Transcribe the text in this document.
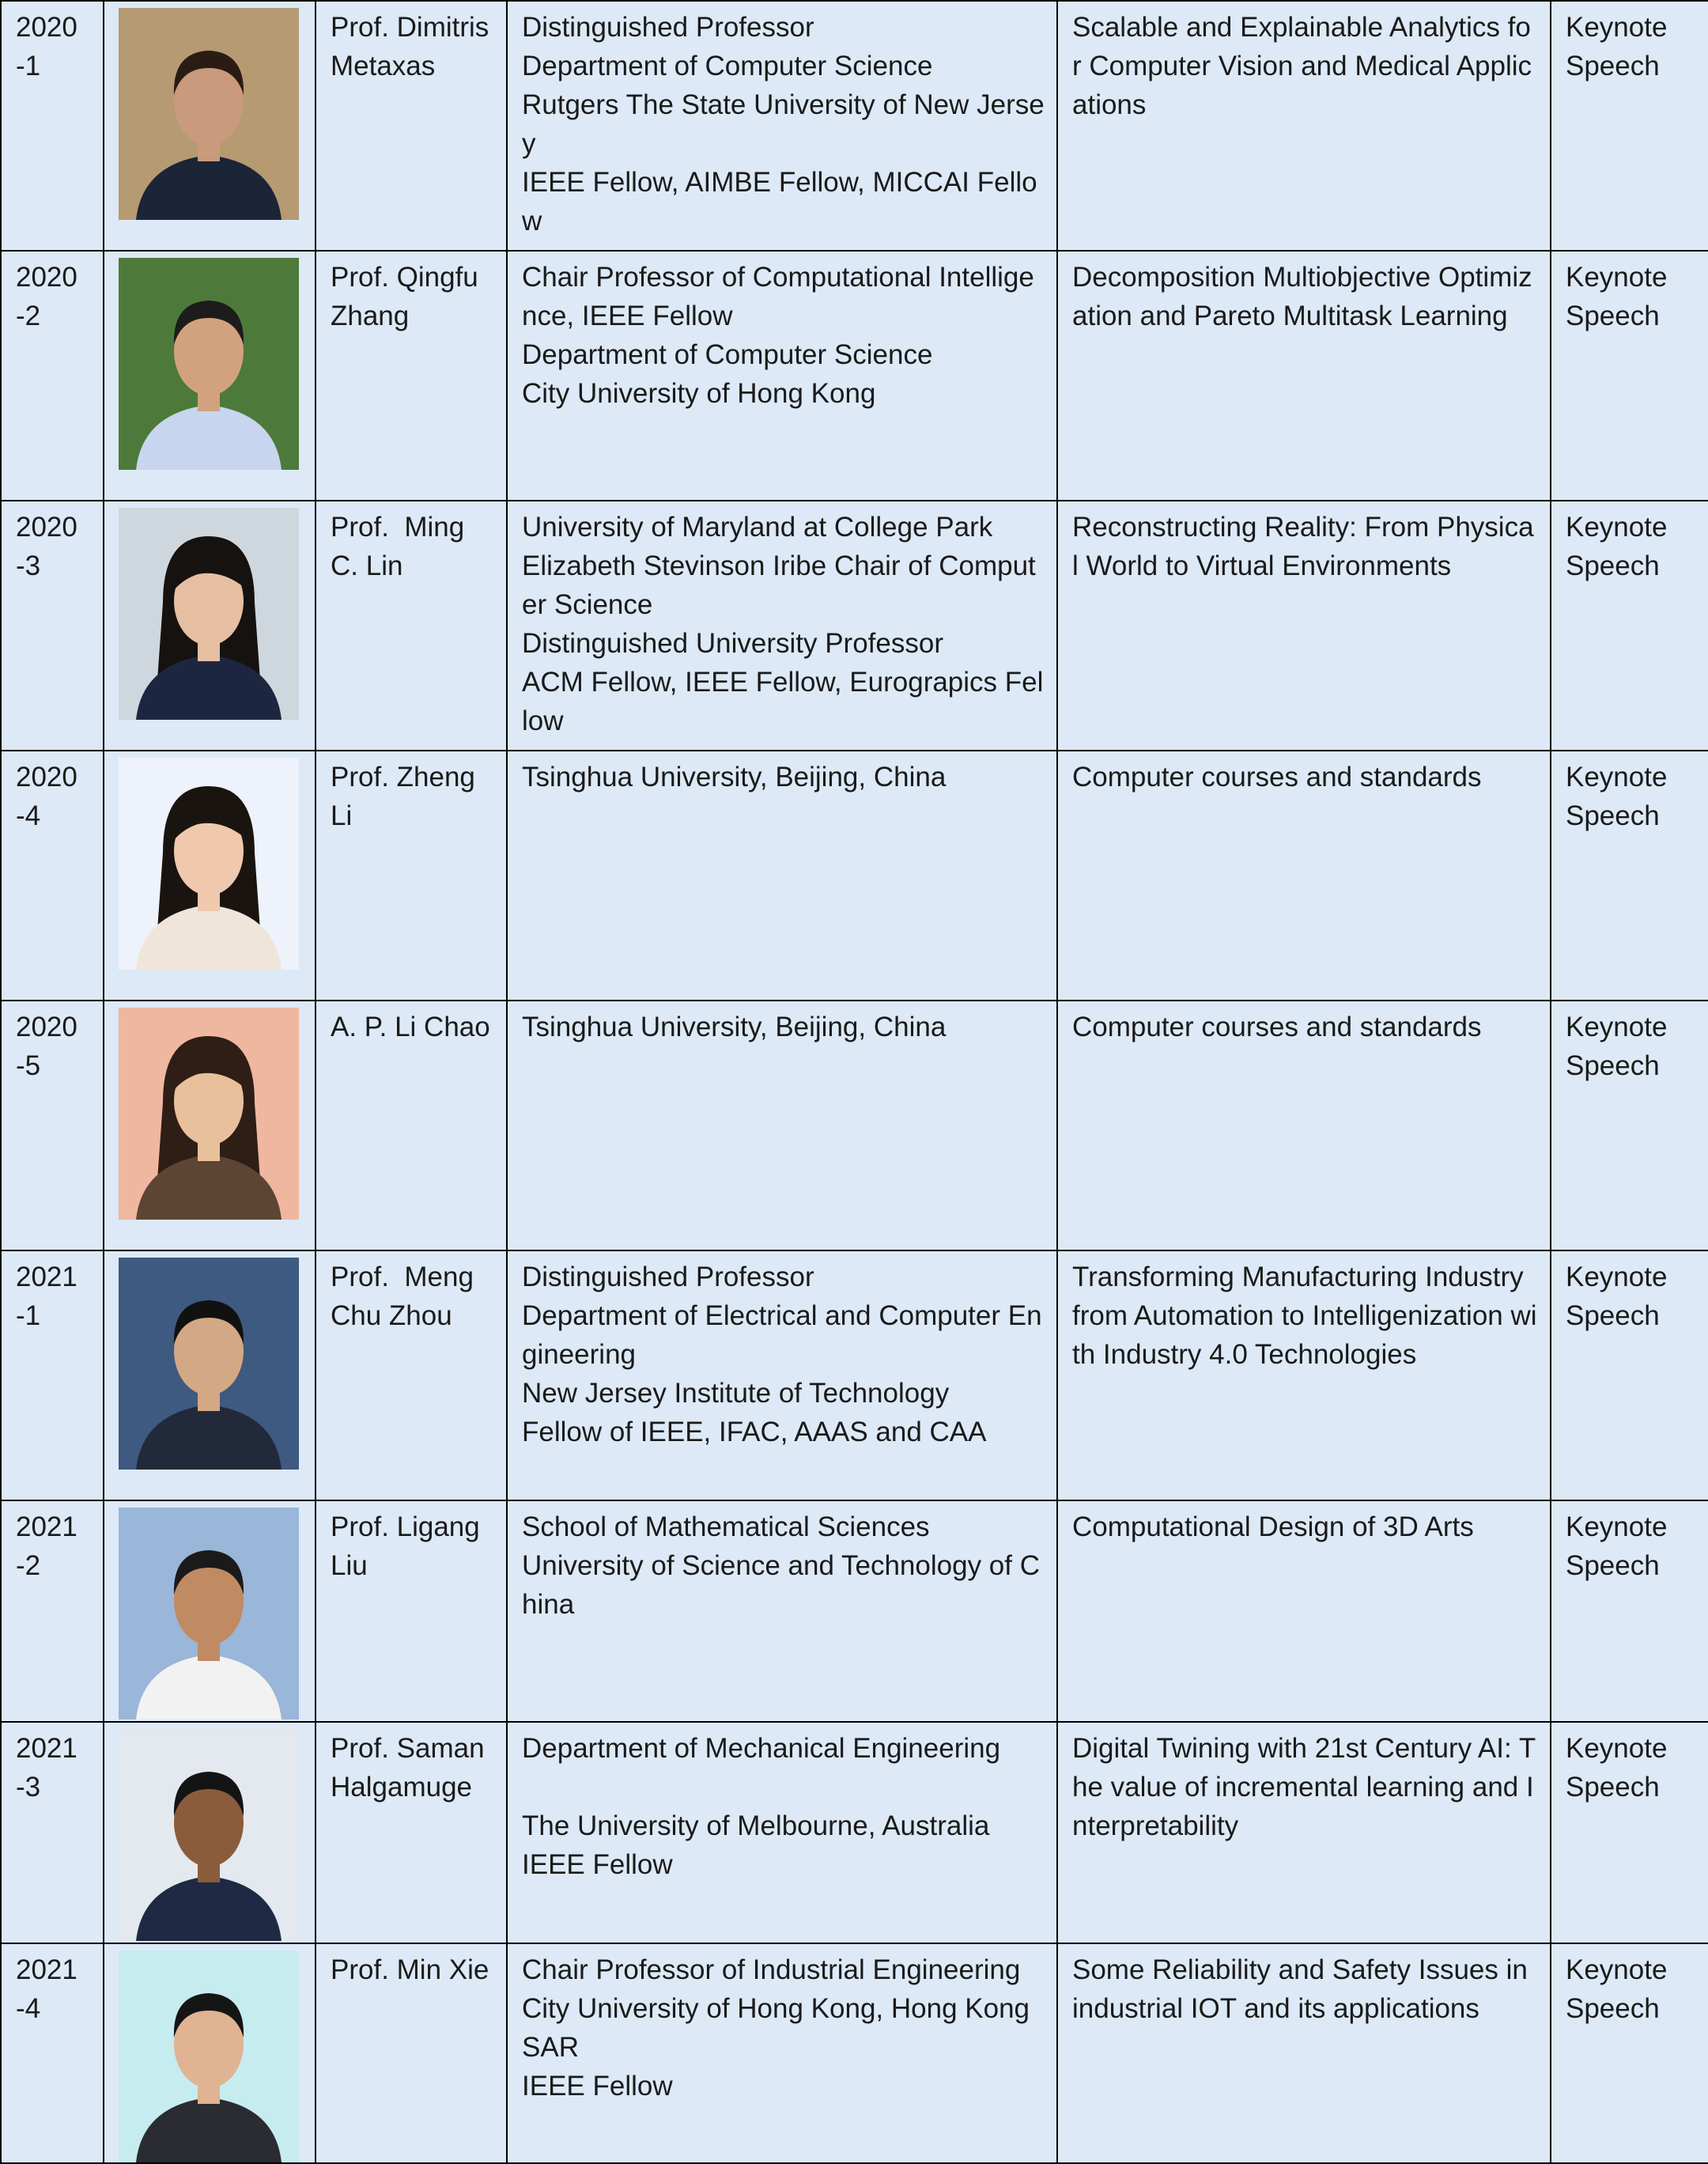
2020
-1		Prof. Dimitris Metaxas	Distinguished Professor
Department of Computer Science
Rutgers The State University of New Jersey
IEEE Fellow, AIMBE Fellow, MICCAI Fellow	Scalable and Explainable Analytics for Computer Vision and Medical Applications	Keynote Speech

2020
-2		Prof. Qingfu Zhang	Chair Professor of Computational Intelligence, IEEE Fellow
Department of Computer Science
City University of Hong Kong	Decomposition Multiobjective Optimization and Pareto Multitask Learning	Keynote Speech

2020
-3		Prof.  Ming C. Lin	University of Maryland at College Park
Elizabeth Stevinson Iribe Chair of Computer Science
Distinguished University Professor
ACM Fellow, IEEE Fellow, Eurograpics Fellow	Reconstructing Reality: From Physical World to Virtual Environments	Keynote Speech

2020
-4		Prof. Zheng Li	Tsinghua University, Beijing, China	Computer courses and standards	Keynote Speech

2020
-5		A. P. Li Chao	Tsinghua University, Beijing, China	Computer courses and standards	Keynote Speech

2021
-1		Prof.  Meng Chu Zhou	Distinguished Professor
Department of Electrical and Computer Engineering
New Jersey Institute of Technology
Fellow of IEEE, IFAC, AAAS and CAA	Transforming Manufacturing Industry from Automation to Intelligenization with Industry 4.0 Technologies	Keynote Speech

2021
-2		Prof. Ligang Liu	School of Mathematical Sciences
University of Science and Technology of China	Computational Design of 3D Arts	Keynote Speech

2021
-3		Prof. Saman Halgamuge	Department of Mechanical Engineering
The University of Melbourne, Australia
IEEE Fellow	Digital Twining with 21st Century AI: The value of incremental learning and Interpretability	Keynote Speech

2021
-4		Prof. Min Xie	Chair Professor of Industrial Engineering
City University of Hong Kong, Hong Kong SAR
IEEE Fellow	Some Reliability and Safety Issues in industrial IOT and its applications	Keynote Speech
